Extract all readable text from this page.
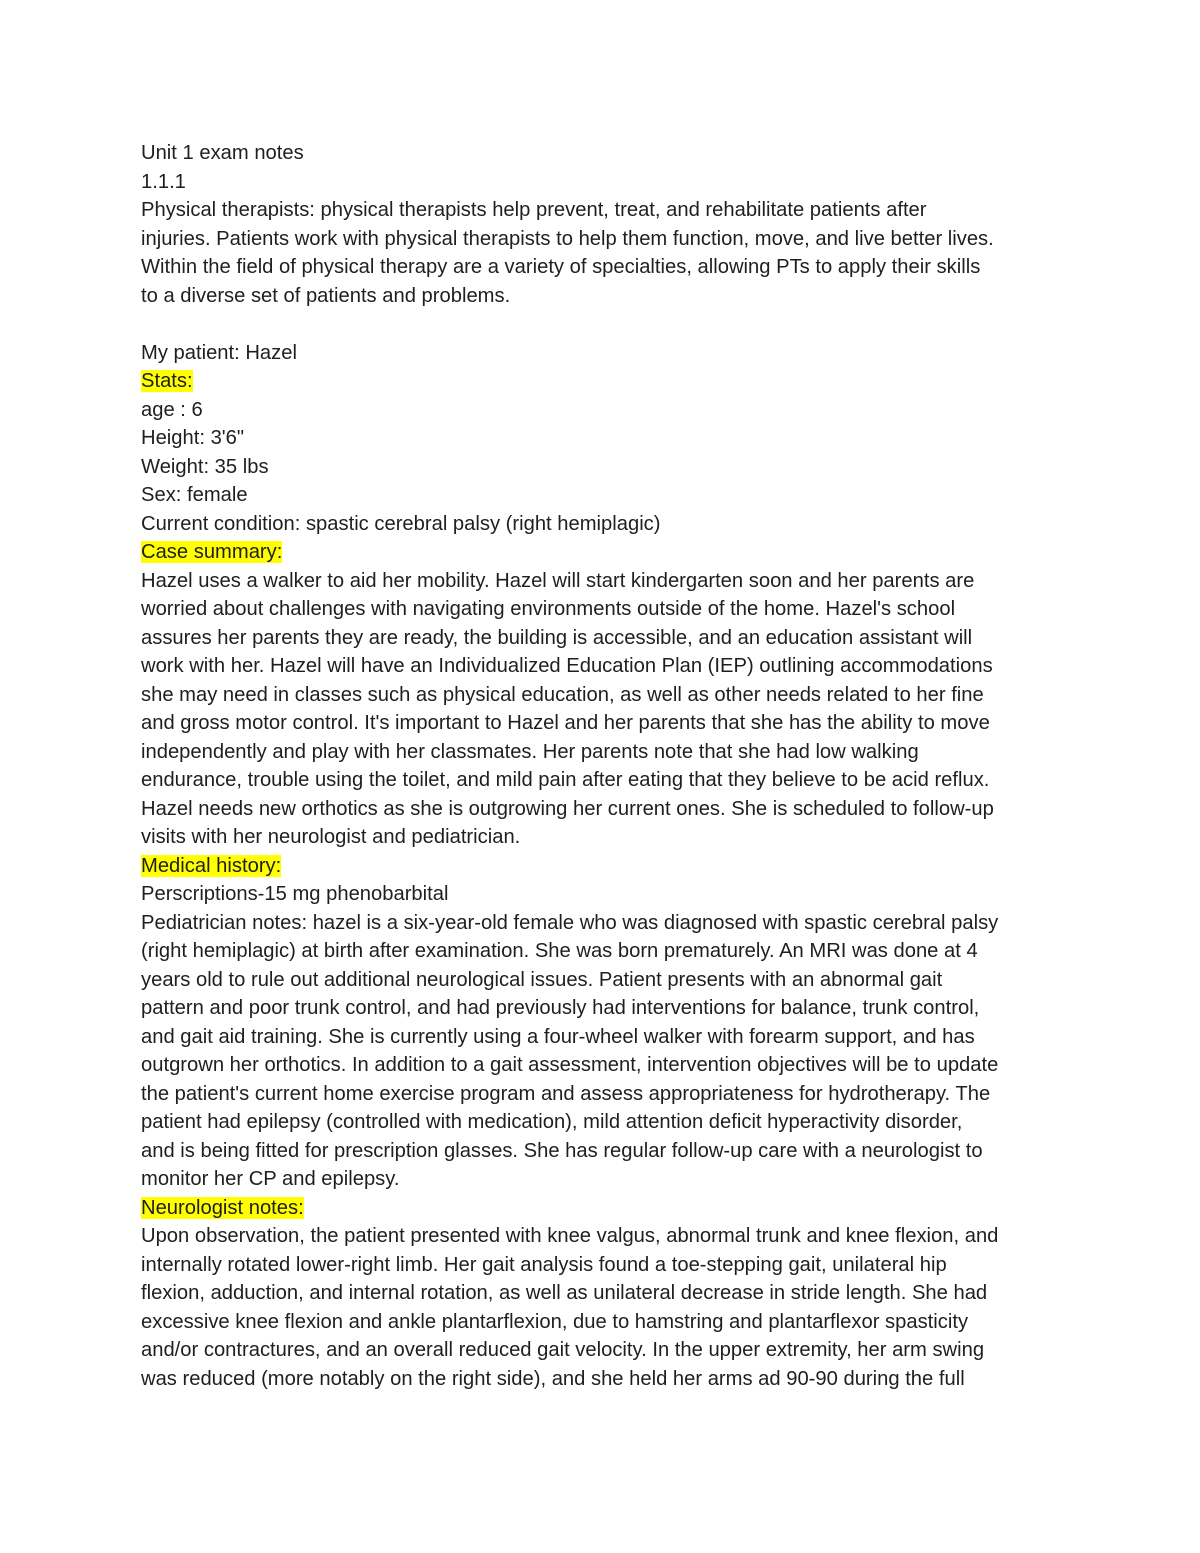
Unit 1 exam notes
1.1.1
Physical therapists: physical therapists help prevent, treat, and rehabilitate patients after
injuries. Patients work with physical therapists to help them function, move, and live better lives.
Within the field of physical therapy are a variety of specialties, allowing PTs to apply their skills
to a diverse set of patients and problems.
My patient: Hazel
Stats:
age : 6
Height: 3'6"
Weight: 35 lbs
Sex: female
Current condition: spastic cerebral palsy (right hemiplagic)
Case summary:
Hazel uses a walker to aid her mobility. Hazel will start kindergarten soon and her parents are
worried about challenges with navigating environments outside of the home. Hazel's school
assures her parents they are ready, the building is accessible, and an education assistant will
work with her. Hazel will have an Individualized Education Plan (IEP) outlining accommodations
she may need in classes such as physical education, as well as other needs related to her fine
and gross motor control. It's important to Hazel and her parents that she has the ability to move
independently and play with her classmates. Her parents note that she had low walking
endurance, trouble using the toilet, and mild pain after eating that they believe to be acid reflux.
Hazel needs new orthotics as she is outgrowing her current ones. She is scheduled to follow-up
visits with her neurologist and pediatrician.
Medical history:
Perscriptions-15 mg phenobarbital
Pediatrician notes: hazel is a six-year-old female who was diagnosed with spastic cerebral palsy
(right hemiplagic) at birth after examination. She was born prematurely. An MRI was done at 4
years old to rule out additional neurological issues. Patient presents with an abnormal gait
pattern and poor trunk control, and had previously had interventions for balance, trunk control,
and gait aid training. She is currently using a four-wheel walker with forearm support, and has
outgrown her orthotics. In addition to a gait assessment, intervention objectives will be to update
the patient's current home exercise program and assess appropriateness for hydrotherapy. The
patient had epilepsy (controlled with medication), mild attention deficit hyperactivity disorder,
and is being fitted for prescription glasses. She has regular follow-up care with a neurologist to
monitor her CP and epilepsy.
Neurologist notes:
Upon observation, the patient presented with knee valgus, abnormal trunk and knee flexion, and
internally rotated lower-right limb. Her gait analysis found a toe-stepping gait, unilateral hip
flexion, adduction, and internal rotation, as well as unilateral decrease in stride length. She had
excessive knee flexion and ankle plantarflexion, due to hamstring and plantarflexor spasticity
and/or contractures, and an overall reduced gait velocity. In the upper extremity, her arm swing
was reduced (more notably on the right side), and she held her arms ad 90-90 during the full
